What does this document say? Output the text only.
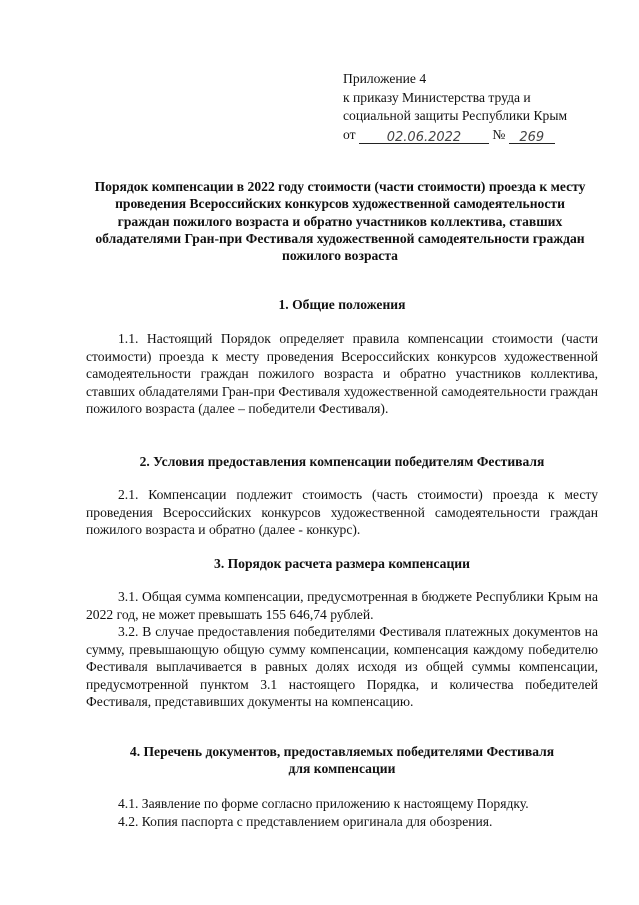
Приложение 4
к приказу Министерства труда и
социальной защиты Республики Крым
от 02.06.2022 № 269
Порядок компенсации в 2022 году стоимости (части стоимости) проезда к месту проведения Всероссийских конкурсов художественной самодеятельности граждан пожилого возраста и обратно участников коллектива, ставших обладателями Гран-при Фестиваля художественной самодеятельности граждан пожилого возраста
1. Общие положения
1.1. Настоящий Порядок определяет правила компенсации стоимости (части стоимости) проезда к месту проведения Всероссийских конкурсов художественной самодеятельности граждан пожилого возраста и обратно участников коллектива, ставших обладателями Гран-при Фестиваля художественной самодеятельности граждан пожилого возраста (далее – победители Фестиваля).
2. Условия предоставления компенсации победителям Фестиваля
2.1. Компенсации подлежит стоимость (часть стоимости) проезда к месту проведения Всероссийских конкурсов художественной самодеятельности граждан пожилого возраста и обратно (далее - конкурс).
3. Порядок расчета размера компенсации
3.1. Общая сумма компенсации, предусмотренная в бюджете Республики Крым на 2022 год, не может превышать 155 646,74 рублей.
3.2. В случае предоставления победителями Фестиваля платежных документов на сумму, превышающую общую сумму компенсации, компенсация каждому победителю Фестиваля выплачивается в равных долях исходя из общей суммы компенсации, предусмотренной пунктом 3.1 настоящего Порядка, и количества победителей Фестиваля, представивших документы на компенсацию.
4. Перечень документов, предоставляемых победителями Фестиваля
для компенсации
4.1. Заявление по форме согласно приложению к настоящему Порядку.
4.2. Копия паспорта с представлением оригинала для обозрения.
